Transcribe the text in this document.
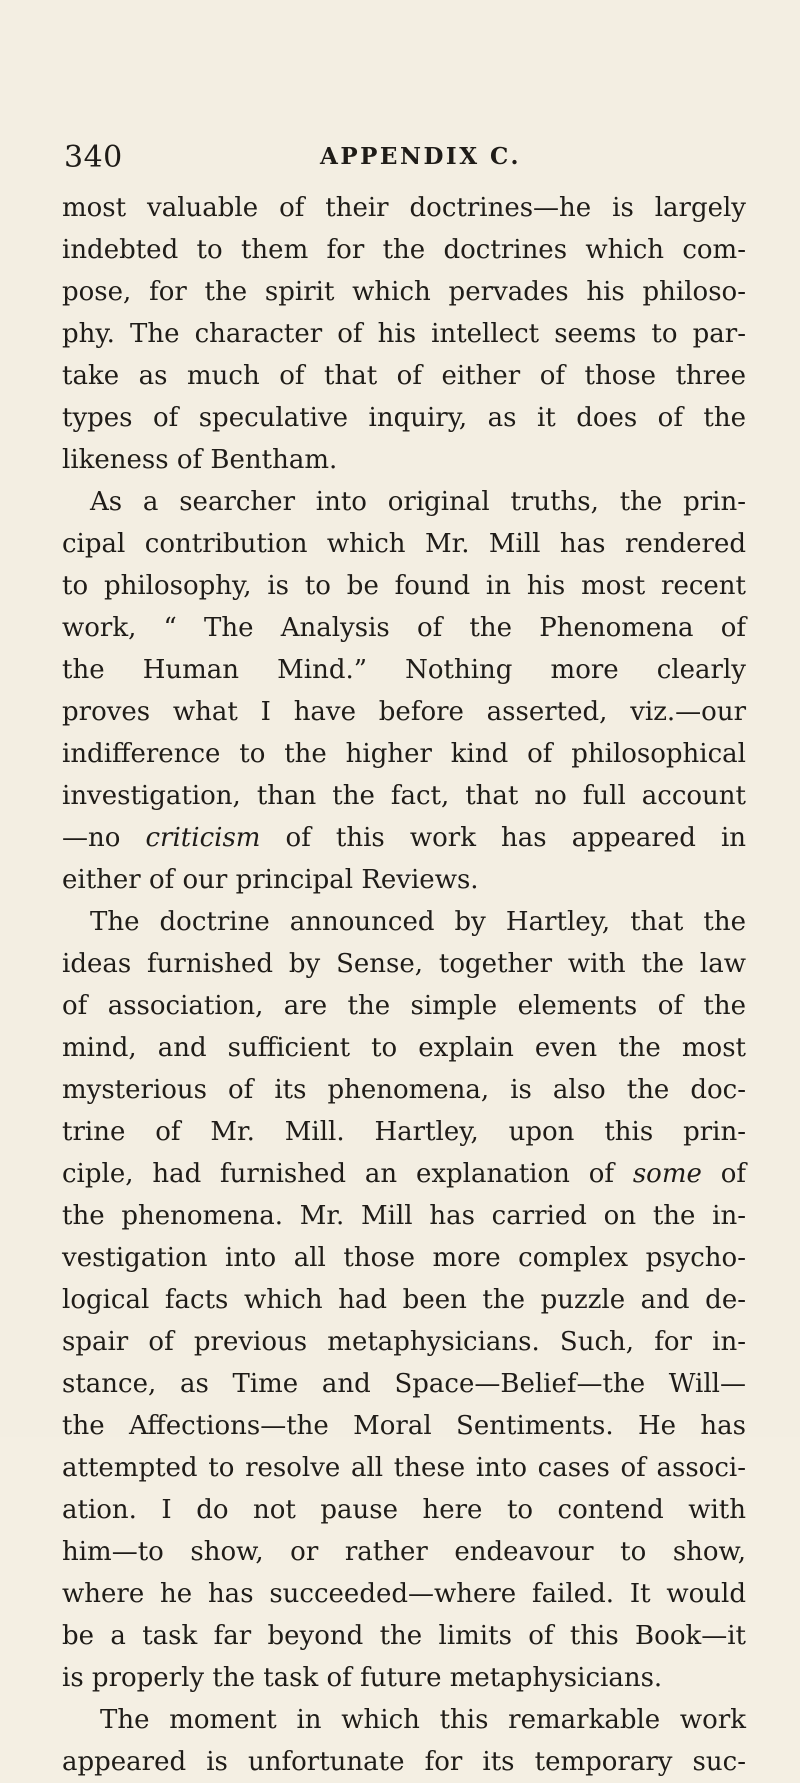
340	APPENDIX C.
most valuable of their doctrines—he is largely
indebted to them for the doctrines which com-
pose, for the spirit which pervades his philoso-
phy. The character of his intellect seems to par-
take as much of that of either of those three
types of speculative inquiry, as it does of the
likeness of Bentham.
As a searcher into original truths, the prin-
cipal contribution which Mr. Mill has rendered
to philosophy, is to be found in his most recent
work, “ The Analysis of the Phenomena of
the Human Mind.” Nothing more clearly
proves what I have before asserted, viz.—our
indifference to the higher kind of philosophical
investigation, than the fact, that no full account
—no criticism of this work has appeared in
either of our principal Reviews.
The doctrine announced by Hartley, that the
ideas furnished by Sense, together with the law
of association, are the simple elements of the
mind, and sufficient to explain even the most
mysterious of its phenomena, is also the doc-
trine of Mr. Mill. Hartley, upon this prin-
ciple, had furnished an explanation of some of
the phenomena. Mr. Mill has carried on the in-
vestigation into all those more complex psycho-
logical facts which had been the puzzle and de-
spair of previous metaphysicians. Such, for in-
stance, as Time and Space—Belief—the Will—
the Affections—the Moral Sentiments. He has
attempted to resolve all these into cases of associ-
ation. I do not pause here to contend with
him—to show, or rather endeavour to show,
where he has succeeded—where failed. It would
be a task far beyond the limits of this Book—it
is properly the task of future metaphysicians.
The moment in which this remarkable work
appeared is unfortunate for its temporary suc-
